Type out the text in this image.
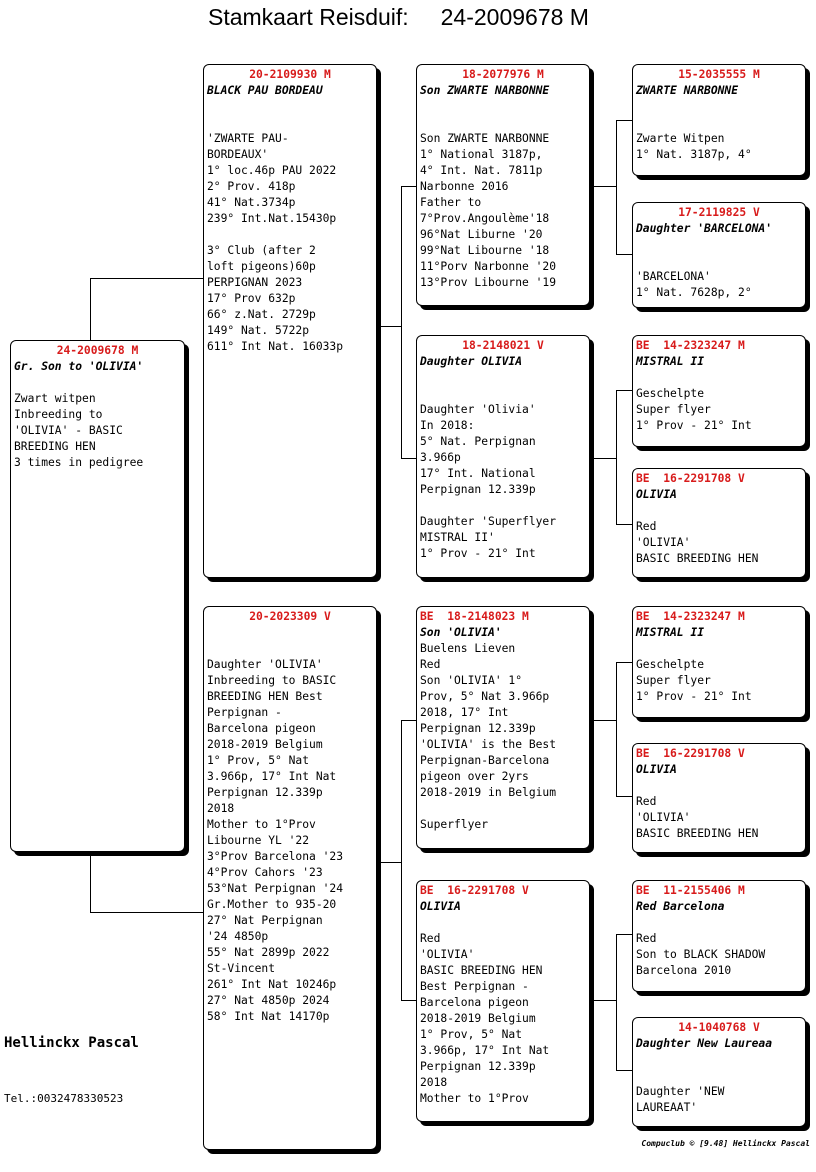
Stamkaart Reisduif:     24-2009678 M
24-2009678 M
Gr. Son to 'OLIVIA'

Zwart witpen
Inbreeding to
'OLIVIA' - BASIC
BREEDING HEN
3 times in pedigree
20-2109930 M
BLACK PAU BORDEAU

'ZWARTE PAU-
BORDEAUX'
1° loc.46p PAU 2022
2° Prov. 418p
41° Nat.3734p
239° Int.Nat.15430p

3° Club (after 2
loft pigeons)60p
PERPIGNAN 2023
17° Prov 632p
66° z.Nat. 2729p
149° Nat. 5722p
611° Int Nat. 16033p
20-2023309 V

Daughter 'OLIVIA'
Inbreeding to BASIC
BREEDING HEN Best
Perpignan -
Barcelona pigeon
2018-2019 Belgium
1° Prov, 5° Nat
3.966p, 17° Int Nat
Perpignan 12.339p
2018
Mother to 1°Prov
Libourne YL '22
3°Prov Barcelona '23
4°Prov Cahors '23
53°Nat Perpignan '24
Gr.Mother to 935-20
27° Nat Perpignan
'24 4850p
55° Nat 2899p 2022
St-Vincent
261° Int Nat 10246p
27° Nat 4850p 2024
58° Int Nat 14170p
18-2077976 M
Son ZWARTE NARBONNE

Son ZWARTE NARBONNE
1° National 3187p,
4° Int. Nat. 7811p
Narbonne 2016
Father to
7°Prov.Angoulème'18
96°Nat Liburne '20
99°Nat Libourne '18
11°Porv Narbonne '20
13°Prov Libourne '19
18-2148021 V
Daughter OLIVIA

Daughter 'Olivia'
In 2018:
5° Nat. Perpignan
3.966p
17° Int. National
Perpignan 12.339p

Daughter 'Superflyer
MISTRAL II'
1° Prov - 21° Int
BE  18-2148023 M
Son 'OLIVIA'
Buelens Lieven
Red
Son 'OLIVIA' 1°
Prov, 5° Nat 3.966p
2018, 17° Int
Perpignan 12.339p
'OLIVIA' is the Best
Perpignan-Barcelona
pigeon over 2yrs
2018-2019 in Belgium

Superflyer
BE  16-2291708 V
OLIVIA

Red
'OLIVIA'
BASIC BREEDING HEN
Best Perpignan -
Barcelona pigeon
2018-2019 Belgium
1° Prov, 5° Nat
3.966p, 17° Int Nat
Perpignan 12.339p
2018
Mother to 1°Prov
15-2035555 M
ZWARTE NARBONNE

Zwarte Witpen
1° Nat. 3187p, 4°
17-2119825 V
Daughter 'BARCELONA'

'BARCELONA'
1° Nat. 7628p, 2°
BE  14-2323247 M
MISTRAL II

Geschelpte
Super flyer
1° Prov - 21° Int
BE  16-2291708 V
OLIVIA

Red
'OLIVIA'
BASIC BREEDING HEN
BE  14-2323247 M
MISTRAL II

Geschelpte
Super flyer
1° Prov - 21° Int
BE  16-2291708 V
OLIVIA

Red
'OLIVIA'
BASIC BREEDING HEN
BE  11-2155406 M
Red Barcelona

Red
Son to BLACK SHADOW
Barcelona 2010
14-1040768 V
Daughter New Laureaa

Daughter 'NEW
LAUREAAT'
Hellinckx Pascal
Tel.:0032478330523
Compuclub © [9.48] Hellinckx Pascal
